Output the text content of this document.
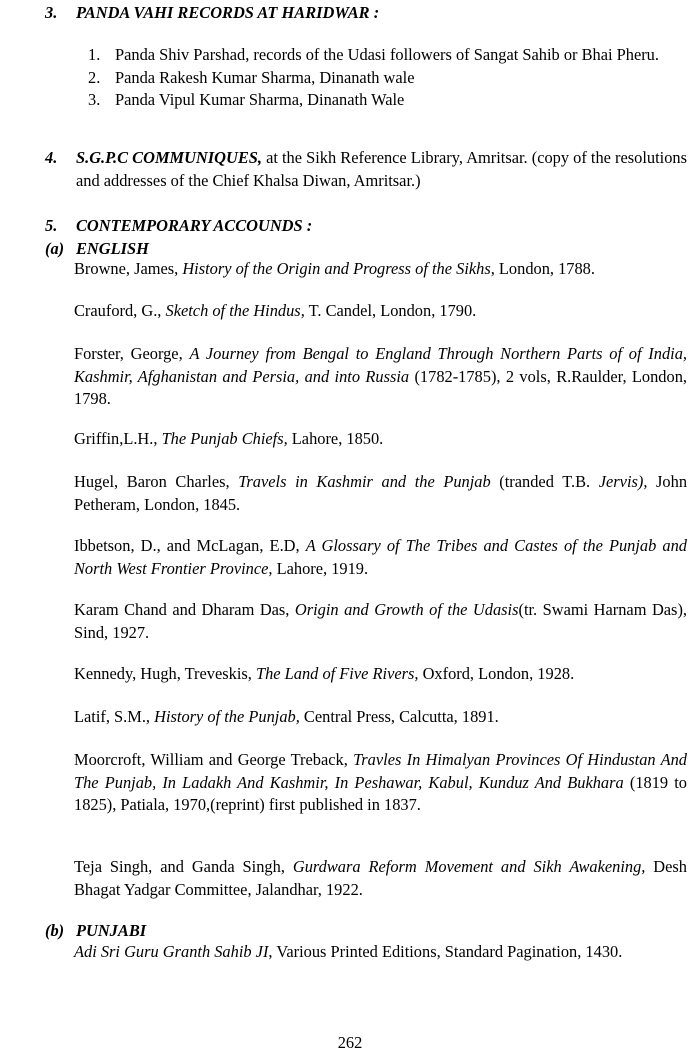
3.	PANDA VAHI RECORDS AT HARIDWAR :
1. Panda Shiv Parshad, records of the Udasi followers of Sangat Sahib or Bhai Pheru.
2. Panda Rakesh Kumar Sharma, Dinanath wale
3. Panda Vipul Kumar Sharma, Dinanath Wale
4.	S.G.P.C COMMUNIQUES, at the Sikh Reference Library, Amritsar. (copy of the resolutions and addresses of the Chief Khalsa Diwan, Amritsar.)
5.	CONTEMPORARY ACCOUNDS :
(a) ENGLISH
Browne, James, History of the Origin and Progress of the Sikhs, London, 1788.
Crauford, G., Sketch of the Hindus, T. Candel, London, 1790.
Forster, George, A Journey from Bengal to England Through Northern Parts of of India, Kashmir, Afghanistan and Persia, and into Russia (1782-1785), 2 vols, R.Raulder, London, 1798.
Griffin,L.H., The Punjab Chiefs, Lahore, 1850.
Hugel, Baron Charles, Travels in Kashmir and the Punjab (tranded T.B. Jervis), John Petheram, London, 1845.
Ibbetson, D., and McLagan, E.D, A Glossary of The Tribes and Castes of the Punjab and North West Frontier Province, Lahore, 1919.
Karam Chand and Dharam Das, Origin and Growth of the Udasis(tr. Swami Harnam Das), Sind, 1927.
Kennedy, Hugh, Treveskis, The Land of Five Rivers, Oxford, London, 1928.
Latif, S.M., History of the Punjab, Central Press, Calcutta, 1891.
Moorcroft, William and George Treback, Travles In Himalyan Provinces Of Hindustan And The Punjab, In Ladakh And Kashmir, In Peshawar, Kabul, Kunduz And Bukhara (1819 to 1825), Patiala, 1970,(reprint) first published in 1837.
Teja Singh, and Ganda Singh, Gurdwara Reform Movement and Sikh Awakening, Desh Bhagat Yadgar Committee, Jalandhar, 1922.
(b) PUNJABI
Adi Sri Guru Granth Sahib JI, Various Printed Editions, Standard Pagination, 1430.
262
